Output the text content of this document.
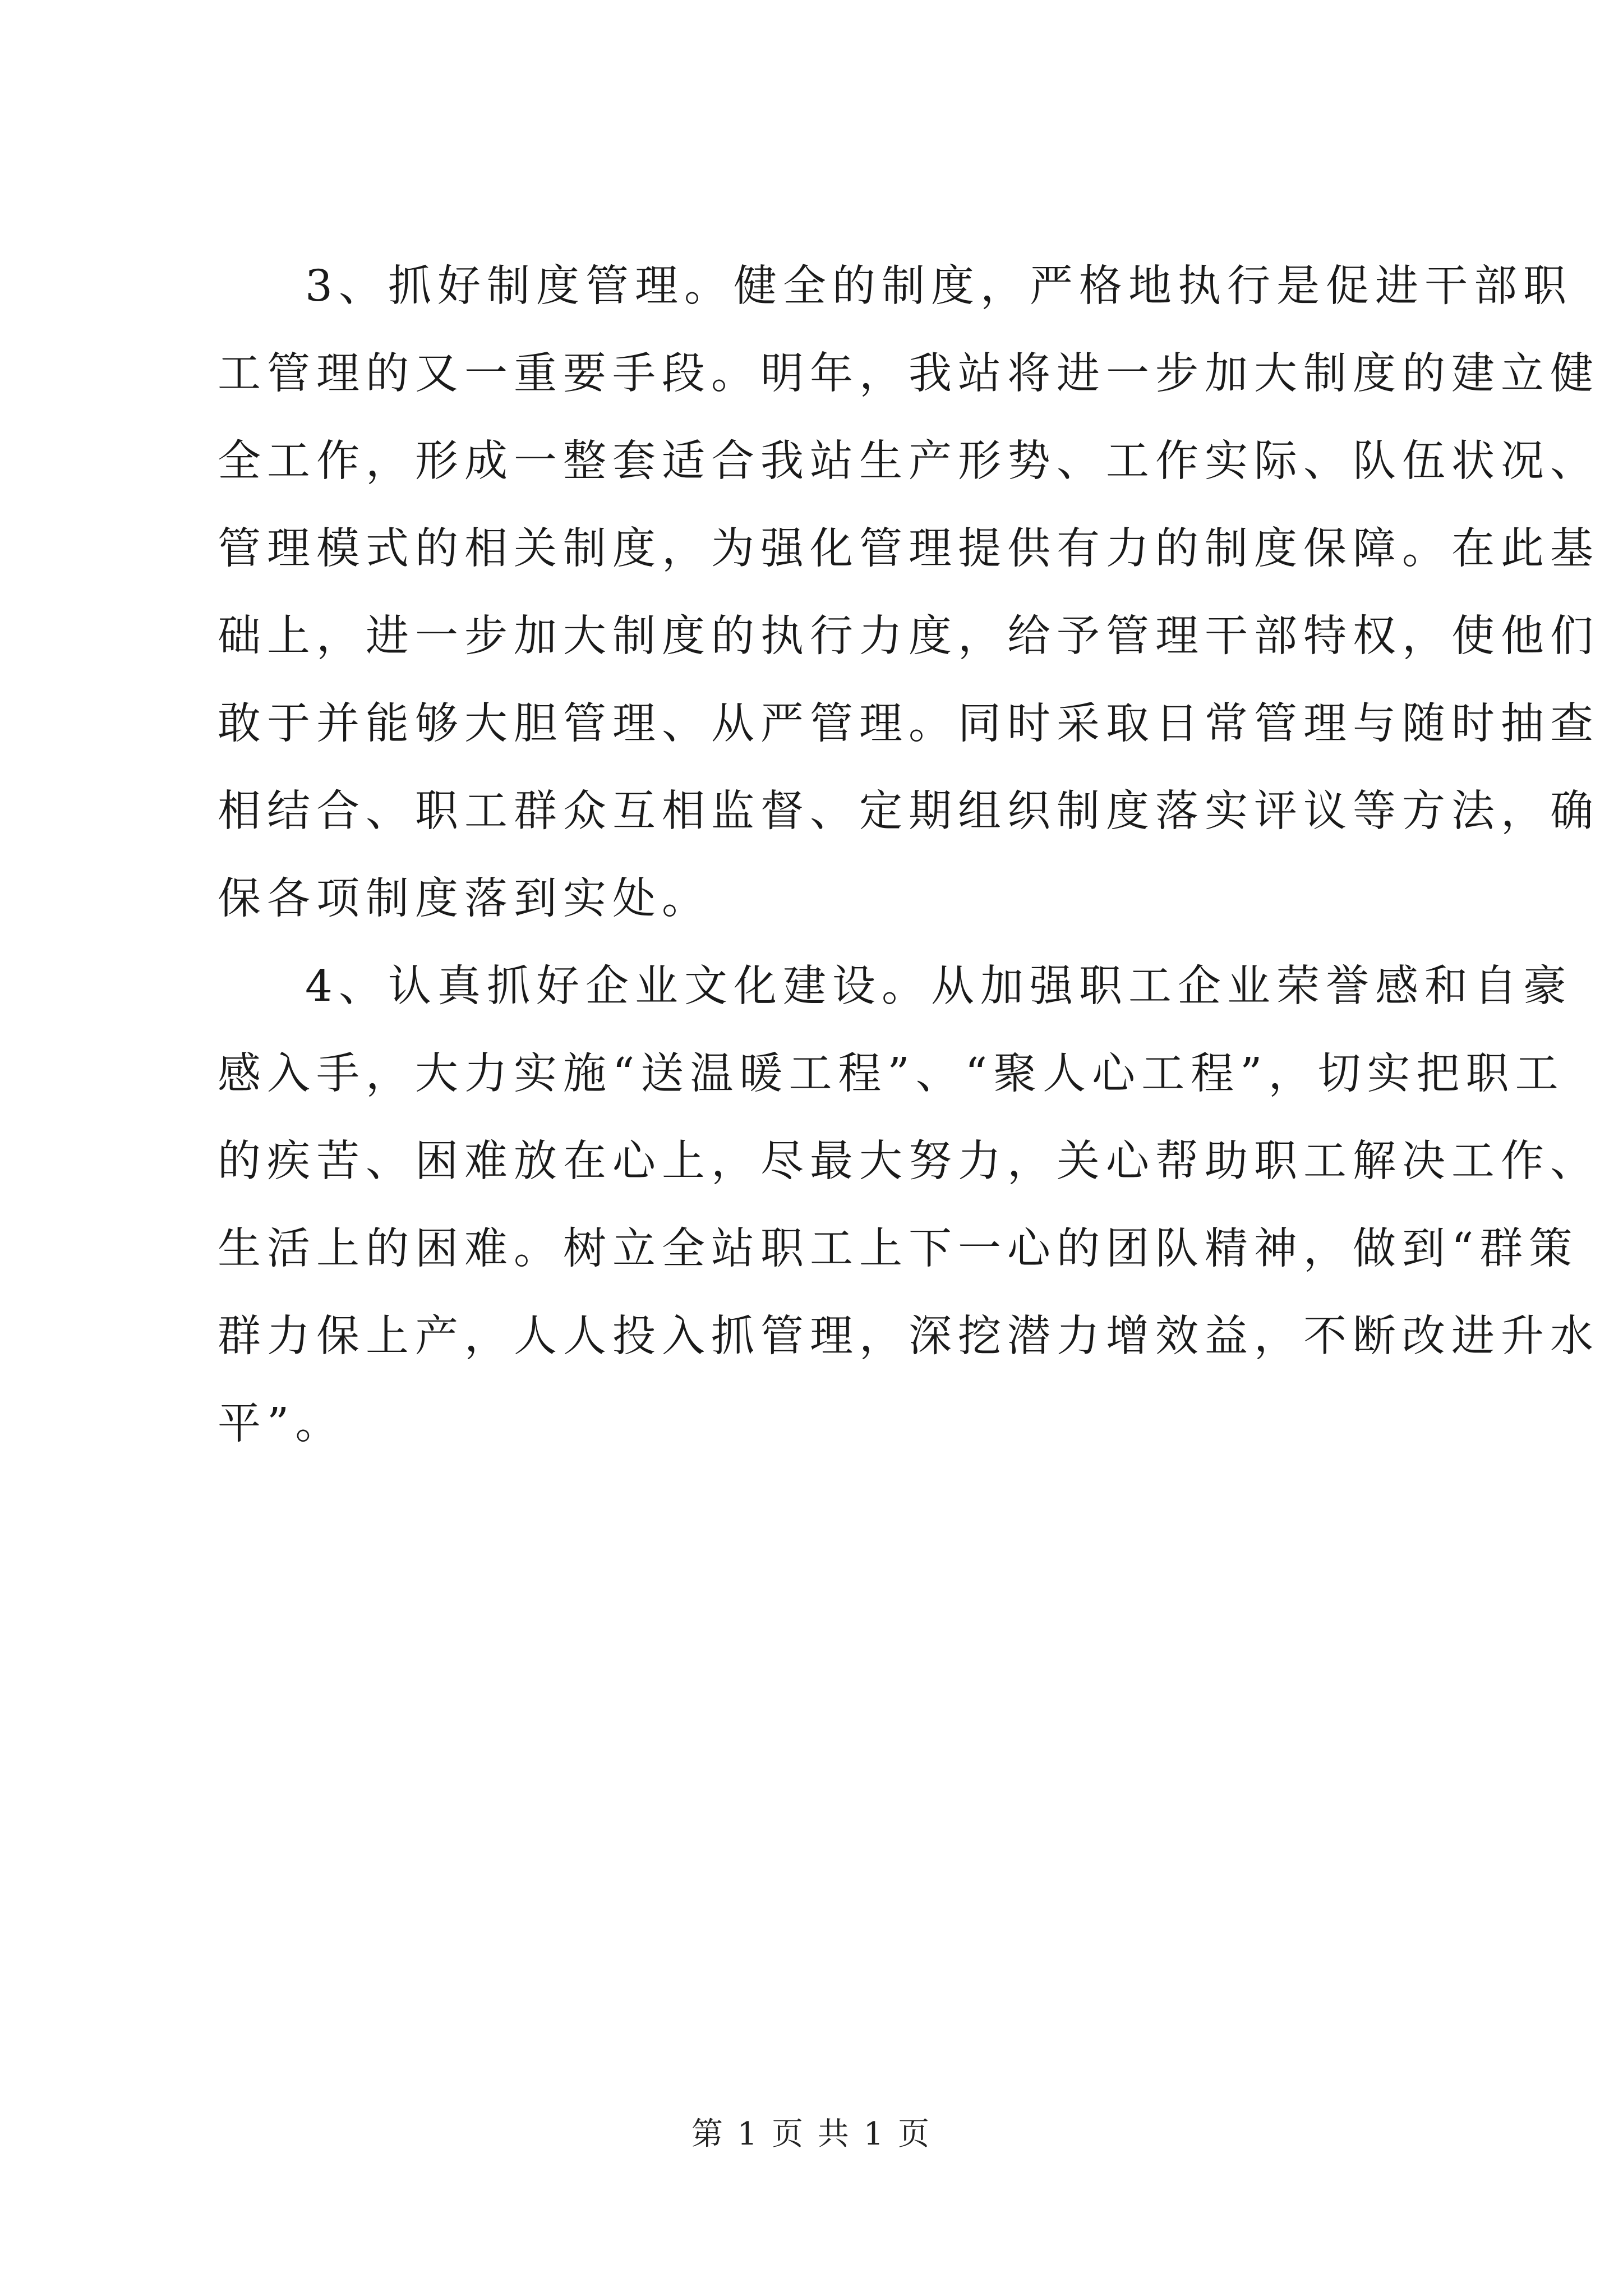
3、抓好制度管理。健全的制度，严格地执行是促进干部职
工管理的又一重要手段。明年，我站将进一步加大制度的建立健
全工作，形成一整套适合我站生产形势、工作实际、队伍状况、
管理模式的相关制度，为强化管理提供有力的制度保障。在此基
础上，进一步加大制度的执行力度，给予管理干部特权，使他们
敢于并能够大胆管理、从严管理。同时采取日常管理与随时抽查
相结合、职工群众互相监督、定期组织制度落实评议等方法，确
保各项制度落到实处。
4、认真抓好企业文化建设。从加强职工企业荣誉感和自豪
感入手，大力实施“送温暖工程”、“聚人心工程”，切实把职工
的疾苦、困难放在心上，尽最大努力，关心帮助职工解决工作、
生活上的困难。树立全站职工上下一心的团队精神，做到“群策
群力保上产，人人投入抓管理，深挖潜力增效益，不断改进升水
平”。
第 1 页 共 1 页
